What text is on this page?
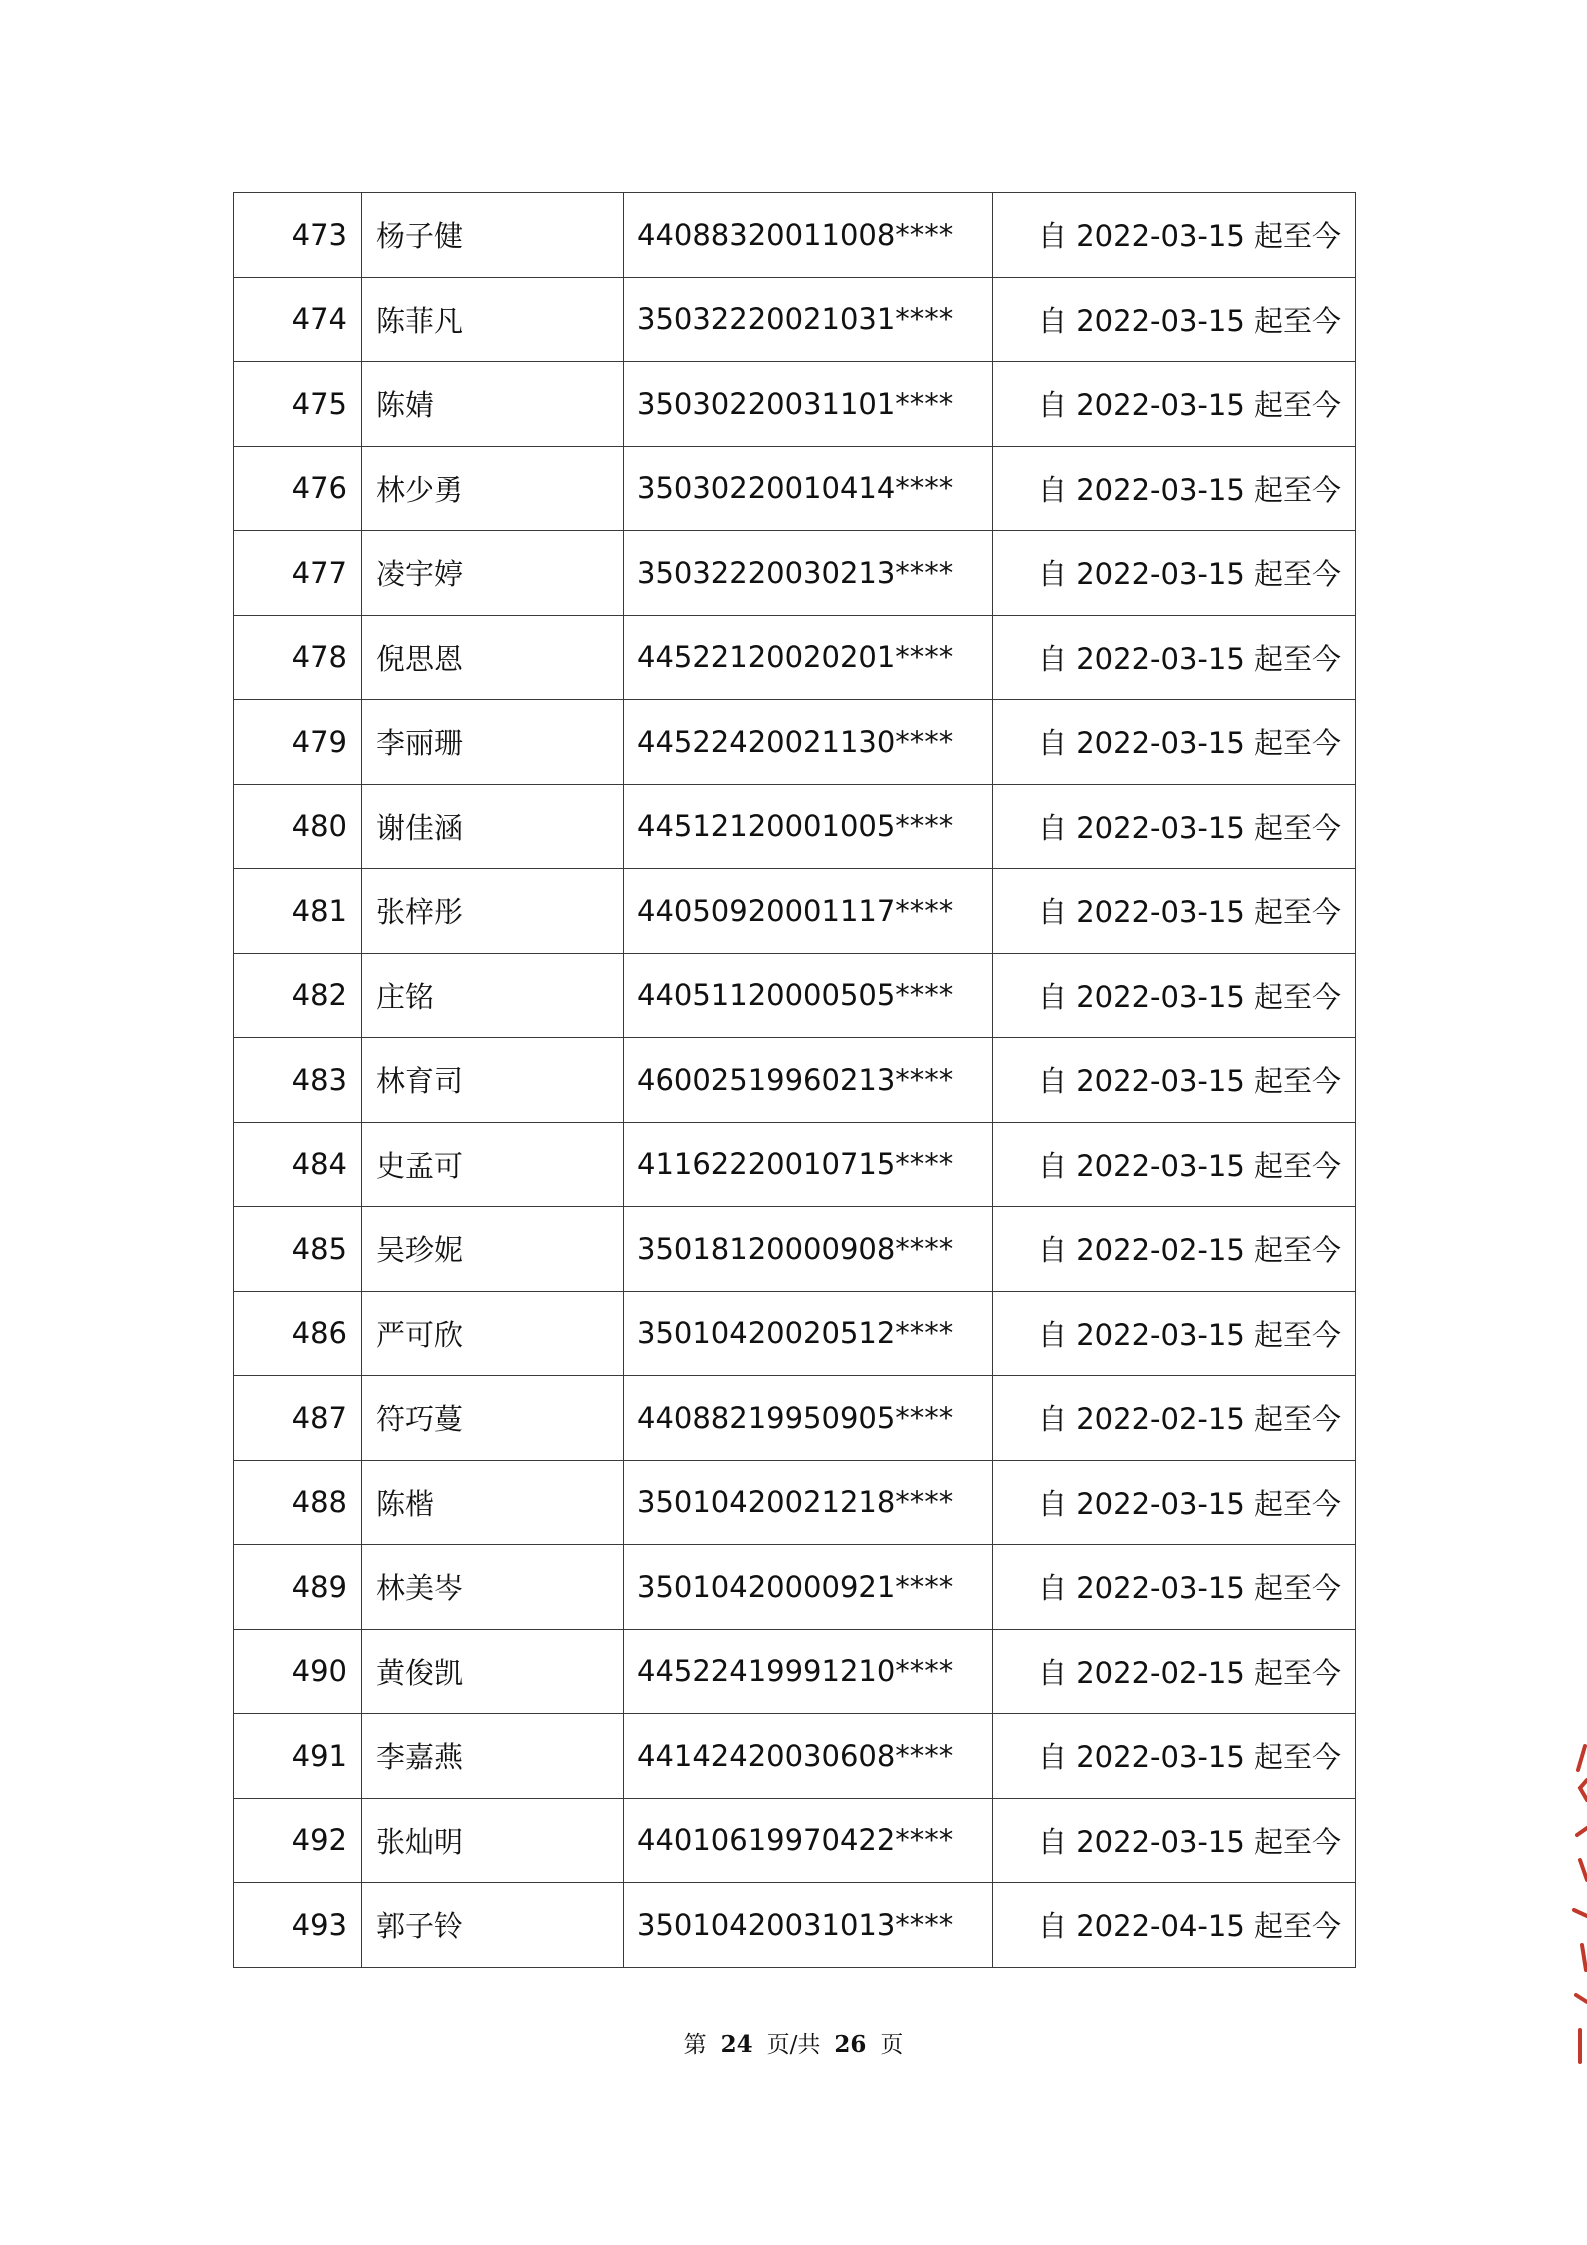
473	杨子健	44088320011008****	自 2022-03-15 起至今
474	陈菲凡	35032220021031****	自 2022-03-15 起至今
475	陈婧	35030220031101****	自 2022-03-15 起至今
476	林少勇	35030220010414****	自 2022-03-15 起至今
477	凌宇婷	35032220030213****	自 2022-03-15 起至今
478	倪思恩	44522120020201****	自 2022-03-15 起至今
479	李丽珊	44522420021130****	自 2022-03-15 起至今
480	谢佳涵	44512120001005****	自 2022-03-15 起至今
481	张梓彤	44050920001117****	自 2022-03-15 起至今
482	庄铭	44051120000505****	自 2022-03-15 起至今
483	林育司	46002519960213****	自 2022-03-15 起至今
484	史孟可	41162220010715****	自 2022-03-15 起至今
485	吴珍妮	35018120000908****	自 2022-02-15 起至今
486	严可欣	35010420020512****	自 2022-03-15 起至今
487	符巧蔓	44088219950905****	自 2022-02-15 起至今
488	陈楷	35010420021218****	自 2022-03-15 起至今
489	林美岑	35010420000921****	自 2022-03-15 起至今
490	黄俊凯	44522419991210****	自 2022-02-15 起至今
491	李嘉燕	44142420030608****	自 2022-03-15 起至今
492	张灿明	44010619970422****	自 2022-03-15 起至今
493	郭子铃	35010420031013****	自 2022-04-15 起至今
第 24 页/共 26 页
